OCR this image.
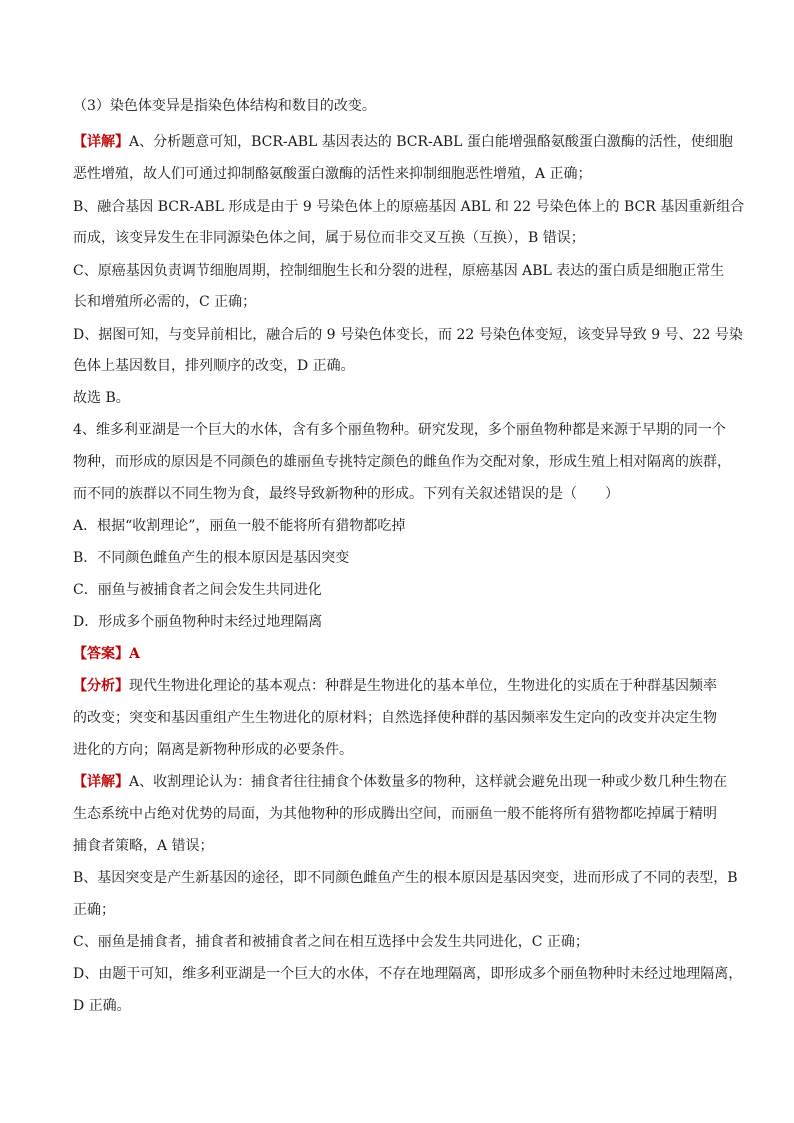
（3）染色体变异是指染色体结构和数目的改变。
【详解】A、分析题意可知，BCR-ABL 基因表达的 BCR-ABL 蛋白能增强酪氨酸蛋白激酶的活性，使细胞
恶性增殖，故人们可通过抑制酪氨酸蛋白激酶的活性来抑制细胞恶性增殖，A 正确；
B、融合基因 BCR-ABL 形成是由于 9 号染色体上的原癌基因 ABL 和 22 号染色体上的 BCR 基因重新组合
而成，该变异发生在非同源染色体之间，属于易位而非交叉互换（互换），B 错误；
C、原癌基因负责调节细胞周期，控制细胞生长和分裂的进程，原癌基因 ABL 表达的蛋白质是细胞正常生
长和增殖所必需的，C 正确；
D、据图可知，与变异前相比，融合后的 9 号染色体变长，而 22 号染色体变短，该变异导致 9 号、22 号染
色体上基因数目，排列顺序的改变，D 正确。
故选 B。
4、维多利亚湖是一个巨大的水体，含有多个丽鱼物种。研究发现，多个丽鱼物种都是来源于早期的同一个
物种，而形成的原因是不同颜色的雄丽鱼专挑特定颜色的雌鱼作为交配对象，形成生殖上相对隔离的族群，
而不同的族群以不同生物为食，最终导致新物种的形成。下列有关叙述错误的是（　　）
A．根据“收割理论”，丽鱼一般不能将所有猎物都吃掉
B．不同颜色雌鱼产生的根本原因是基因突变
C．丽鱼与被捕食者之间会发生共同进化
D．形成多个丽鱼物种时未经过地理隔离
【答案】A
【分析】现代生物进化理论的基本观点：种群是生物进化的基本单位，生物进化的实质在于种群基因频率
的改变；突变和基因重组产生生物进化的原材料；自然选择使种群的基因频率发生定向的改变并决定生物
进化的方向；隔离是新物种形成的必要条件。
【详解】A、收割理论认为：捕食者往往捕食个体数量多的物种，这样就会避免出现一种或少数几种生物在
生态系统中占绝对优势的局面，为其他物种的形成腾出空间，而丽鱼一般不能将所有猎物都吃掉属于精明
捕食者策略，A 错误；
B、基因突变是产生新基因的途径，即不同颜色雌鱼产生的根本原因是基因突变，进而形成了不同的表型，B
正确；
C、丽鱼是捕食者，捕食者和被捕食者之间在相互选择中会发生共同进化，C 正确；
D、由题干可知，维多利亚湖是一个巨大的水体，不存在地理隔离，即形成多个丽鱼物种时未经过地理隔离，
D 正确。
